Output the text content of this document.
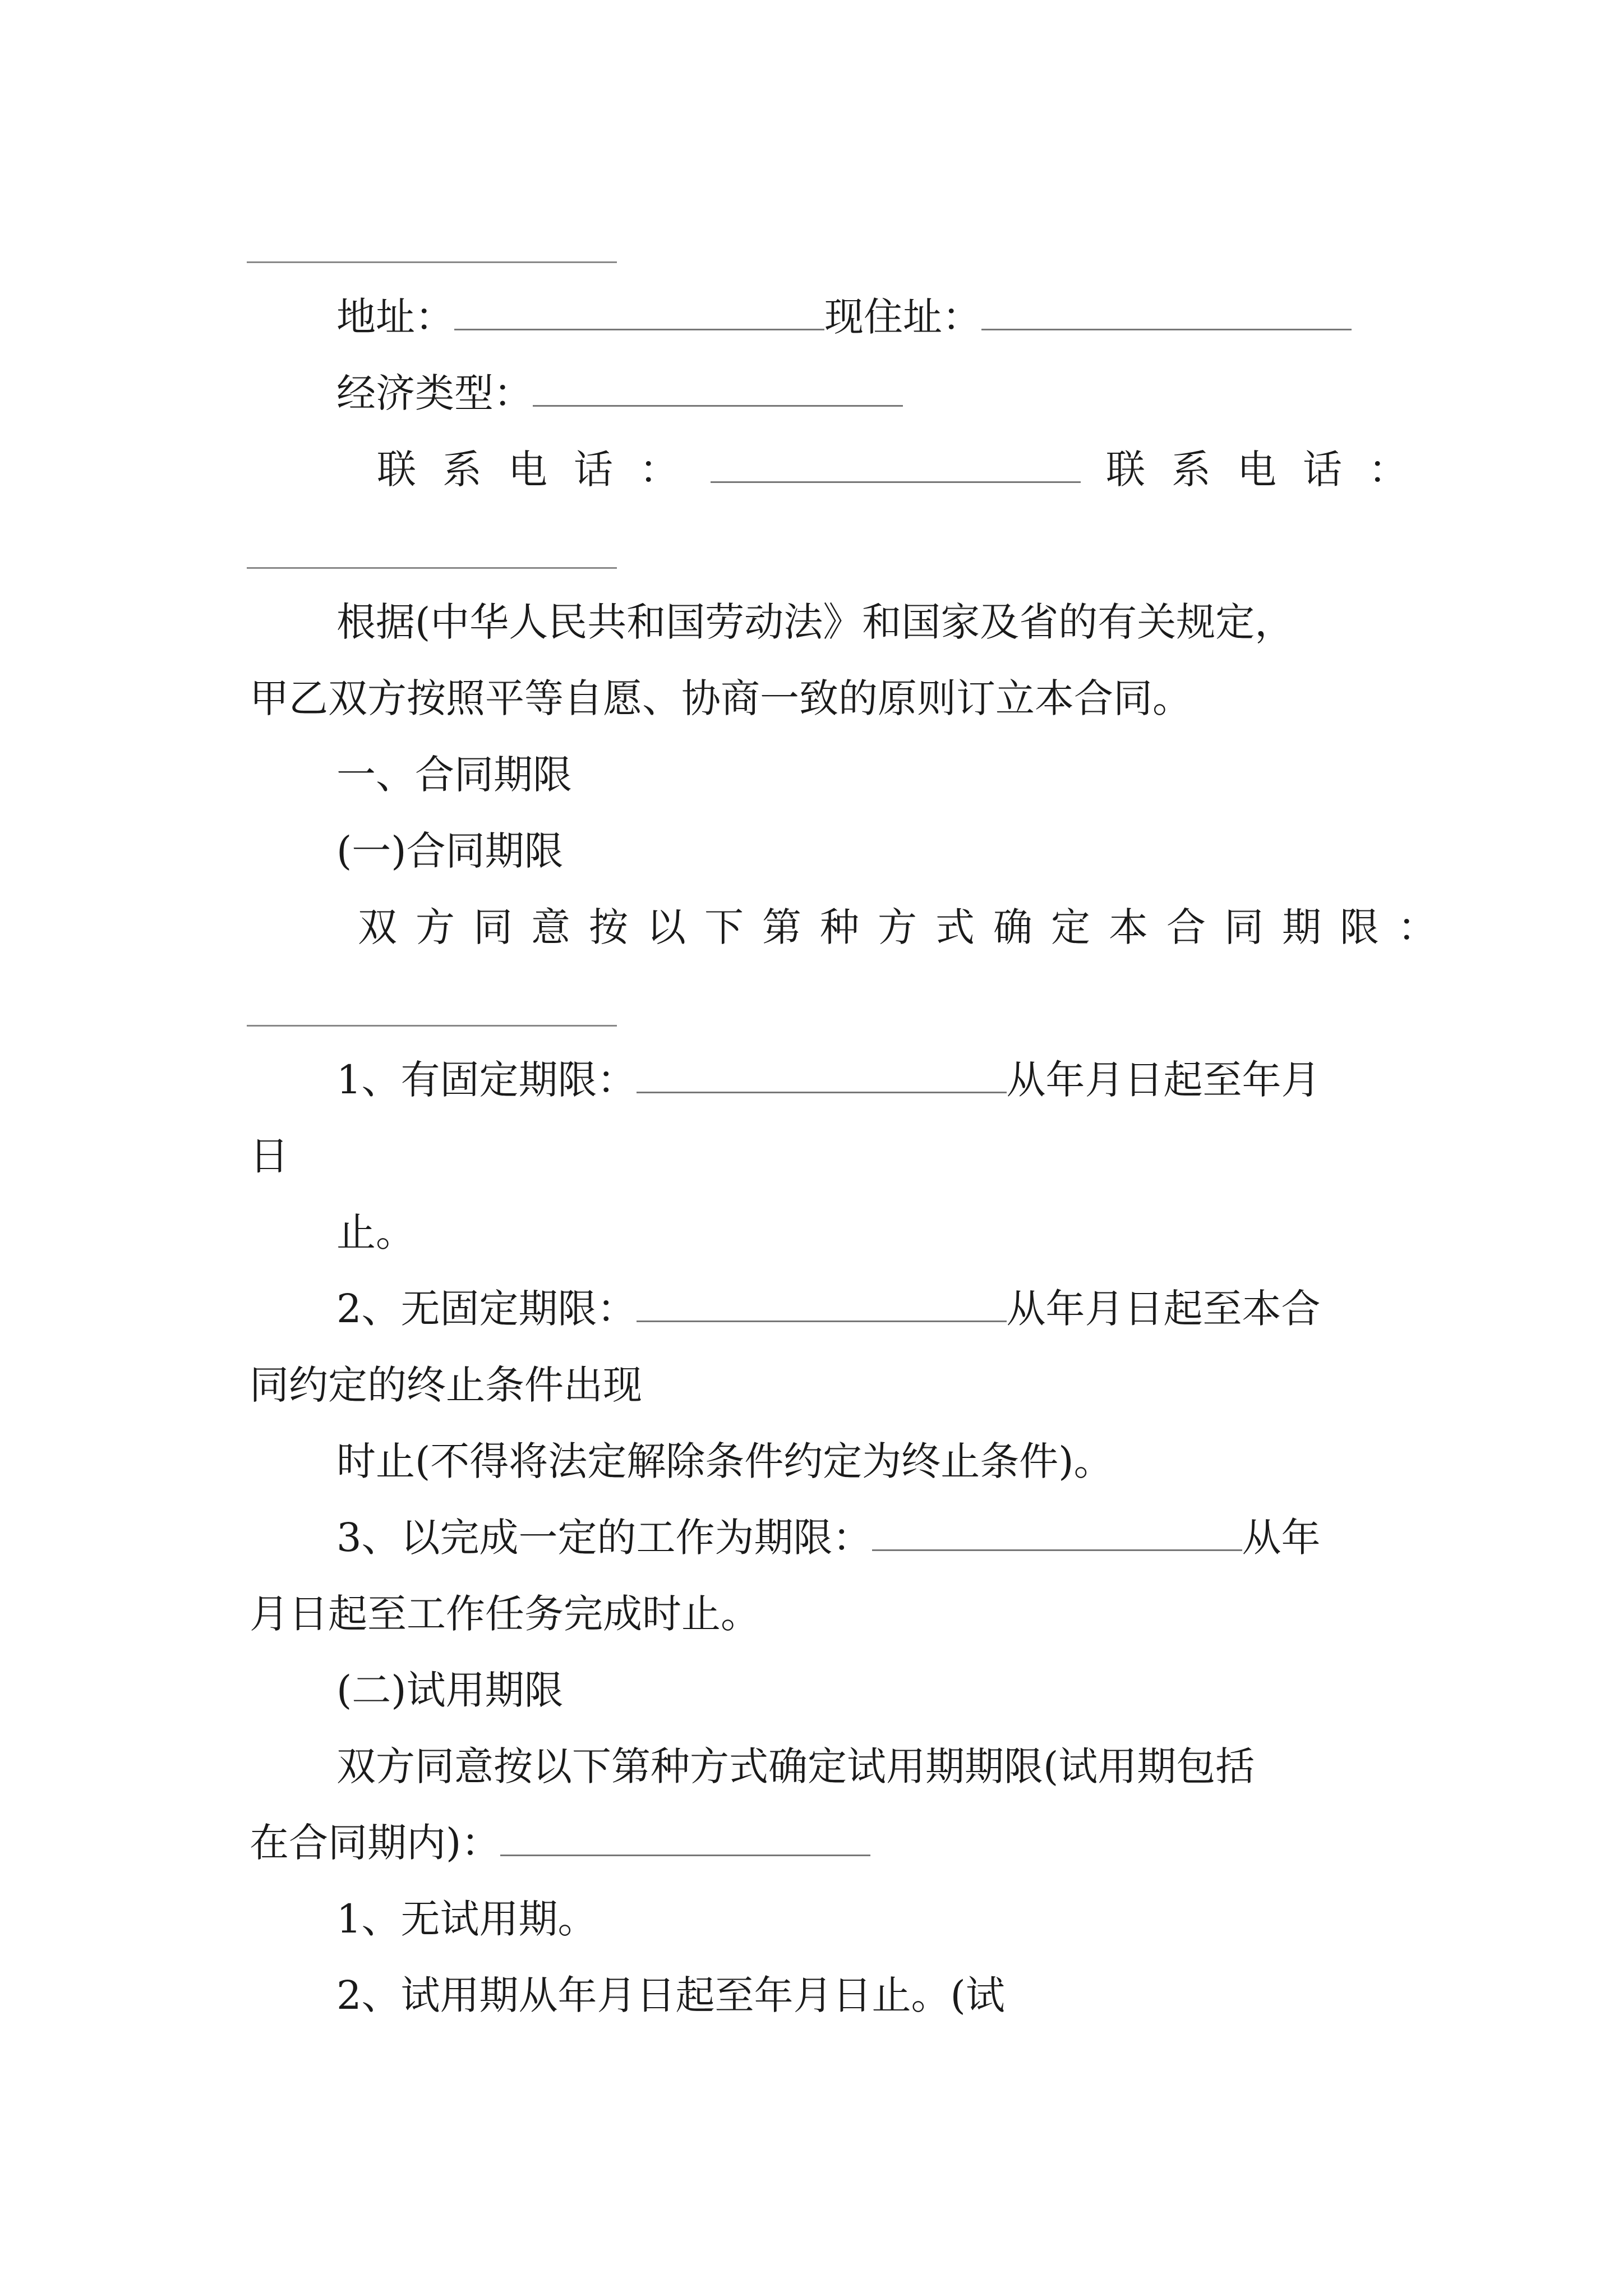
地址：	现住址：
经济类型：
联系电话：	联系电话：
根据(中华人民共和国劳动法》和国家及省的有关规定，
甲乙双方按照平等自愿、协商一致的原则订立本合同。
一、合同期限
(一)合同期限
双方同意按以下第种方式确定本合同期限：
1、有固定期限：	从年月日起至年月
日
止。
2、无固定期限：	从年月日起至本合
同约定的终止条件出现
时止(不得将法定解除条件约定为终止条件)。
3、以完成一定的工作为期限：	从年
月日起至工作任务完成时止。
(二)试用期限
双方同意按以下第种方式确定试用期期限(试用期包括
在合同期内)：
1、无试用期。
2、试用期从年月日起至年月日止。(试
